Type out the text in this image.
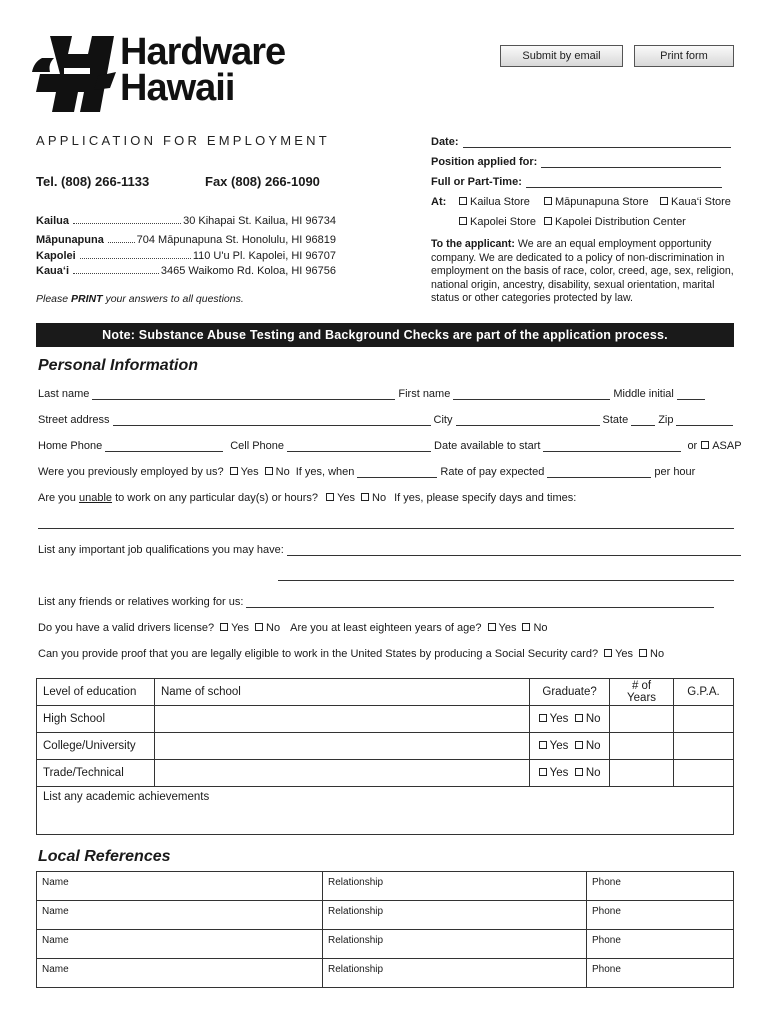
Hardware
Hawaii
Submit by email	Print form
APPLICATION FOR EMPLOYMENT
Tel. (808) 266-1133	Fax (808) 266-1090
Kailua	30 Kihapai St. Kailua, HI 96734
Māpunapuna	704 Māpunapuna St. Honolulu, HI 96819
Kapolei	110 U'u Pl. Kapolei, HI 96707
Kaua‘i	3465 Waikomo Rd. Koloa, HI 96756
Please PRINT your answers to all questions.
Date:
Position applied for:
Full or Part-Time:
At:	Kailua Store	Māpunapuna Store	Kaua‘i Store
Kapolei Store	Kapolei Distribution Center
To the applicant: We are an equal employment opportunity company. We are dedicated to a policy of non-discrimination in employment on the basis of race, color, creed, age, sex, religion, national origin, ancestry, disability, sexual orientation, marital status or other categories protected by law.
Note: Substance Abuse Testing and Background Checks are part of the application process.
Personal Information
Last name	First name	Middle initial
Street address	City	State	Zip
Home Phone	Cell Phone	Date available to start	or	ASAP
Were you previously employed by us?	Yes	No If yes, when	Rate of pay expected	per hour
Are you unable to work on any particular day(s) or hours?	Yes	No If yes, please specify days and times:
List any important job qualifications you may have:
List any friends or relatives working for us:
Do you have a valid drivers license?	Yes	No Are you at least eighteen years of age?	Yes	No
Can you provide proof that you are legally eligible to work in the United States by producing a Social Security card?	Yes	No
Level of education	Name of school	Graduate?	# of Years	G.P.A.
High School		Yes No		
College/University		Yes No		
Trade/Technical		Yes No		
List any academic achievements				
Local References
Name	Relationship	Phone
Name	Relationship	Phone
Name	Relationship	Phone
Name	Relationship	Phone
